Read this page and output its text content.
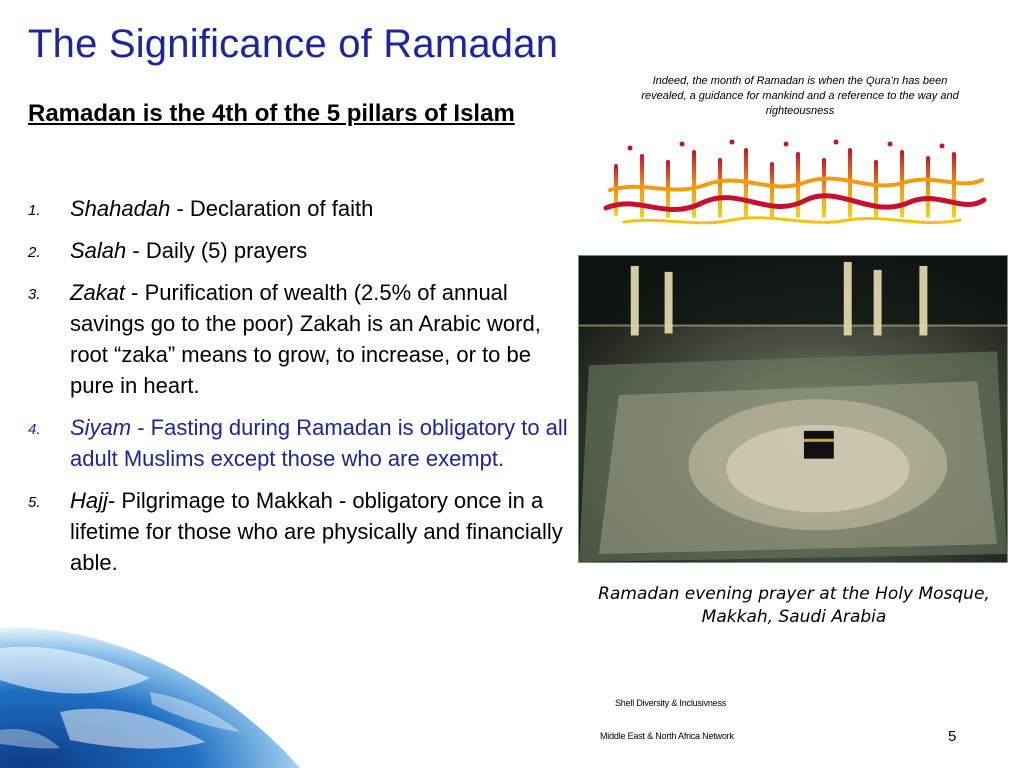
The Significance of Ramadan
Ramadan is the 4th of the 5 pillars of Islam
1. Shahadah - Declaration of faith
2. Salah - Daily (5) prayers
3. Zakat - Purification of wealth (2.5% of annual savings go to the poor) Zakah is an Arabic word, root “zaka” means to grow, to increase, or to be pure in heart.
4. Siyam - Fasting during Ramadan is obligatory to all adult Muslims except those who are exempt.
5. Hajj- Pilgrimage to Makkah - obligatory once in a lifetime for those who are physically and financially able.

Indeed, the month of Ramadan is when the Qura’n has been revealed, a guidance for mankind and a reference to the way and righteousness

Ramadan evening prayer at the Holy Mosque, Makkah, Saudi Arabia

Shell Diversity & Inclusivness
Middle East & North Africa Network	5
